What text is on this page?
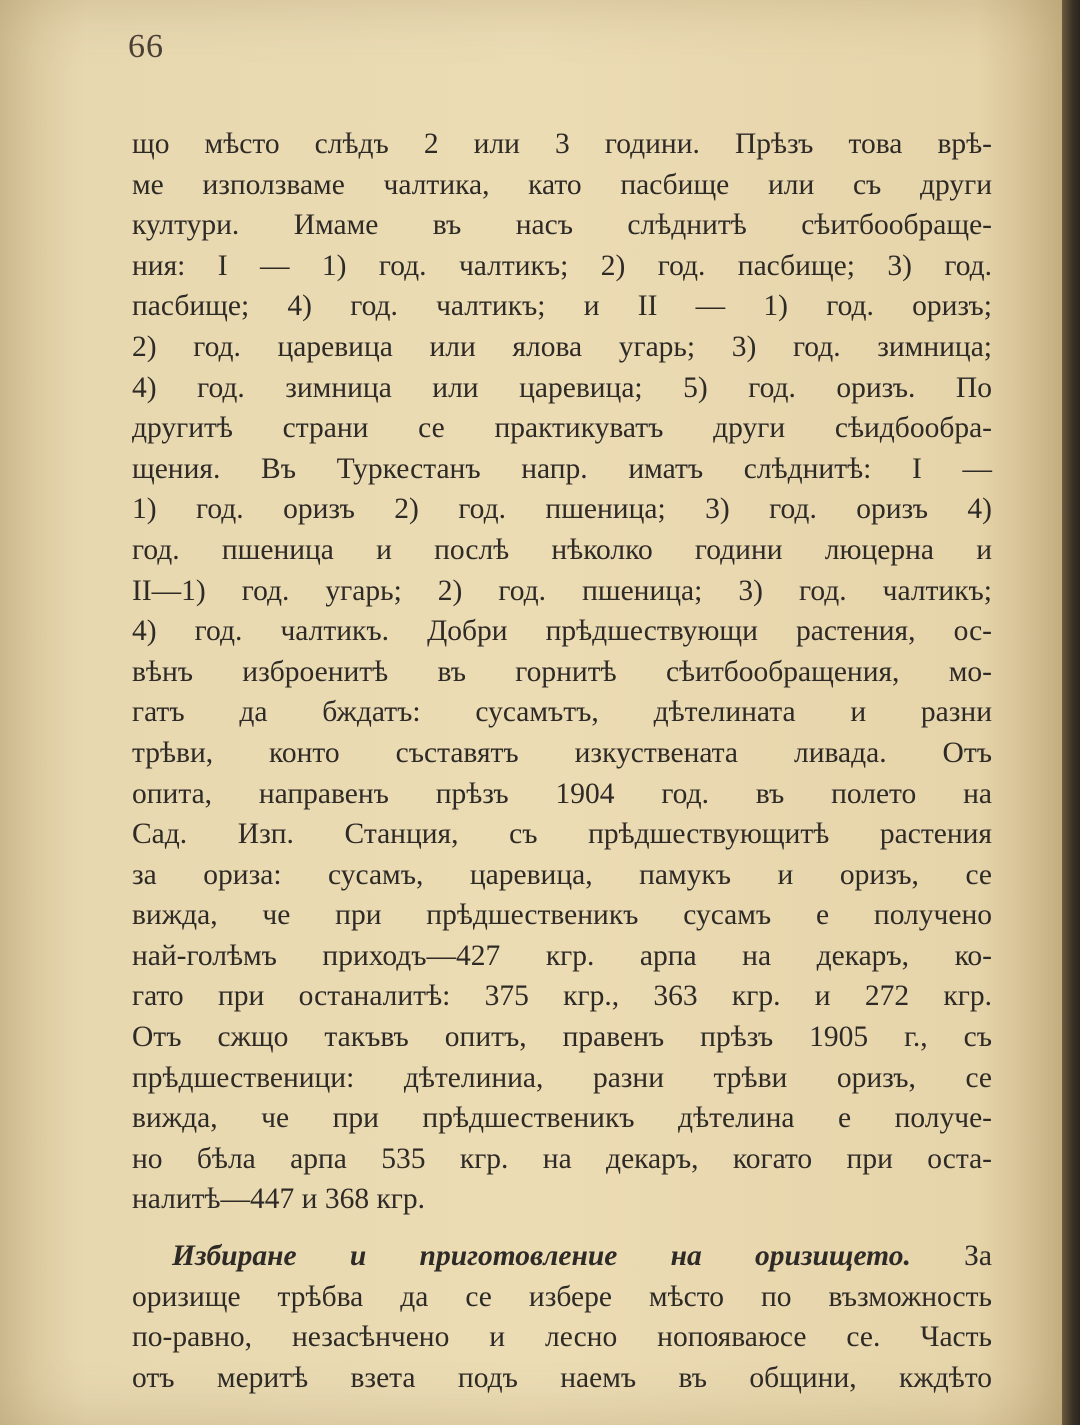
66
що мѣсто слѣдъ 2 или 3 години. Прѣзъ това врѣ-
ме използваме чалтика, като пасбище или съ други
култури. Имаме въ насъ слѣднитѣ сѣитбообраще-
ния: I — 1) год. чалтикъ; 2) год. пасбище; 3) год.
пасбище; 4) год. чалтикъ; и II — 1) год. оризъ;
2) год. царевица или ялова угарь; 3) год. зимница;
4) год. зимница или царевица; 5) год. оризъ. По
другитѣ страни се практикуватъ други сѣидбообра-
щения. Въ Туркестанъ напр. иматъ слѣднитѣ: I —
1) год. оризъ 2) год. пшеница; 3) год. оризъ 4)
год. пшеница и послѣ нѣколко години люцерна и
II—1) год. угарь; 2) год. пшеница; 3) год. чалтикъ;
4) год. чалтикъ. Добри прѣдшествующи растения, ос-
вѣнъ изброенитѣ въ горнитѣ сѣитбообращения, мо-
гатъ да бждатъ: сусамътъ, дѣтелината и разни
трѣви, конто съставятъ изкуствената ливада. Отъ
опита, направенъ прѣзъ 1904 год. въ полето на
Сад. Изп. Станция, съ прѣдшествующитѣ растения
за ориза: сусамъ, царевица, памукъ и оризъ, се
вижда, че при прѣдшественикъ сусамъ е получено
най-голѣмъ приходъ—427 кгр. арпа на декаръ, ко-
гато при останалитѣ: 375 кгр., 363 кгр. и 272 кгр.
Отъ сжщо такъвъ опитъ, правенъ прѣзъ 1905 г., съ
прѣдшественици: дѣтелиниа, разни трѣви оризъ, се
вижда, че при прѣдшественикъ дѣтелина е получе-
но бѣла арпа 535 кгр. на декаръ, когато при оста-
налитѣ—447 и 368 кгр.
Избиране и приготовление на оризището. За
оризище трѣбва да се избере мѣсто по възможность
по-равно, незасѣнчено и лесно нопояваюсе се. Часть
отъ меритѣ взета подъ наемъ въ общини, кждѣто
